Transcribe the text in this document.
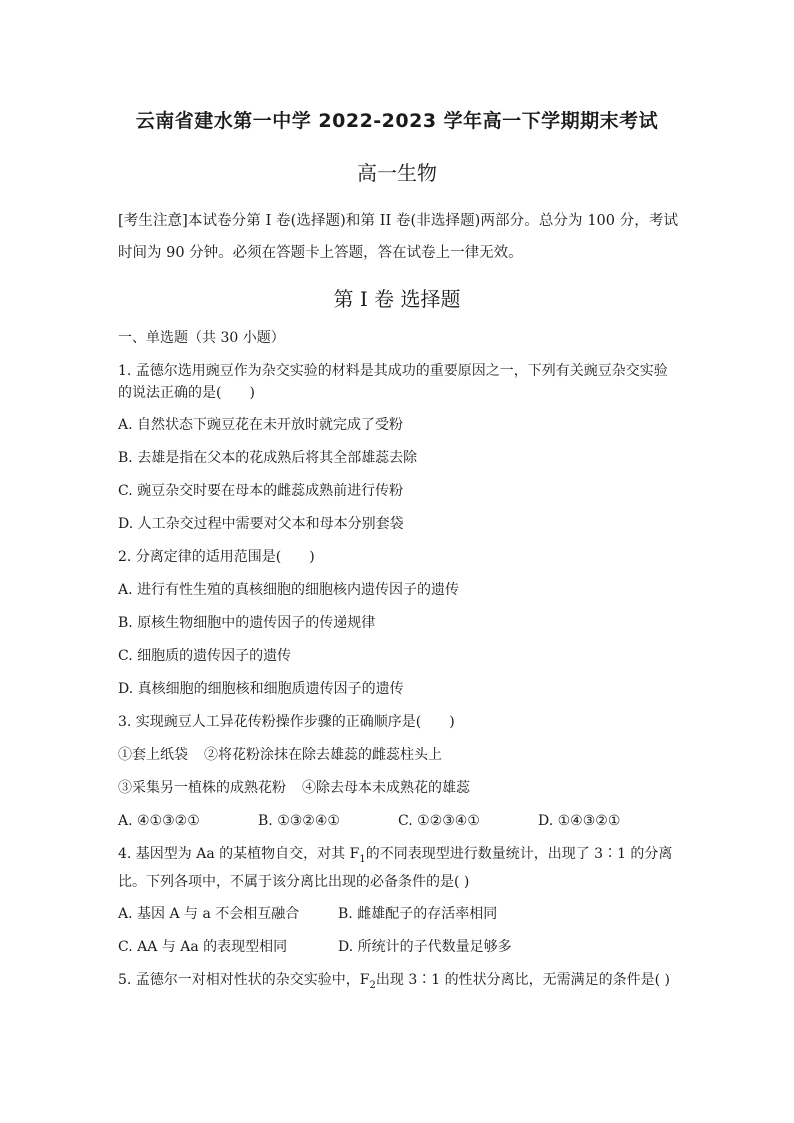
云南省建水第一中学 2022-2023 学年高一下学期期末考试
高一生物
[考生注意]本试卷分第 I 卷(选择题)和第 II 卷(非选择题)两部分。总分为 100 分，考试时间为 90 分钟。必须在答题卡上答题，答在试卷上一律无效。
第 I 卷 选择题
一、单选题（共 30 小题）
1. 孟德尔选用豌豆作为杂交实验的材料是其成功的重要原因之一，下列有关豌豆杂交实验的说法正确的是(　　)
A. 自然状态下豌豆花在未开放时就完成了受粉
B. 去雄是指在父本的花成熟后将其全部雄蕊去除
C. 豌豆杂交时要在母本的雌蕊成熟前进行传粉
D. 人工杂交过程中需要对父本和母本分别套袋
2. 分离定律的适用范围是(　　)
A. 进行有性生殖的真核细胞的细胞核内遗传因子的遗传
B. 原核生物细胞中的遗传因子的传递规律
C. 细胞质的遗传因子的遗传
D. 真核细胞的细胞核和细胞质遗传因子的遗传
3. 实现豌豆人工异花传粉操作步骤的正确顺序是(　　)
①套上纸袋 ②将花粉涂抹在除去雄蕊的雌蕊柱头上
③采集另一植株的成熟花粉 ④除去母本未成熟花的雄蕊
A. ④①③②①	B. ①③②④①	C. ①②③④①	D. ①④③②①
4. 基因型为 Aa 的某植物自交，对其 $F_1$的不同表现型进行数量统计，出现了 3∶1 的分离比。下列各项中，不属于该分离比出现的必备条件的是( )
A. 基因 A 与 a 不会相互融合	B. 雌雄配子的存活率相同
C. AA 与 Aa 的表现型相同	D. 所统计的子代数量足够多
5. 孟德尔一对相对性状的杂交实验中，$F_2$出现 3∶1 的性状分离比，无需满足的条件是( )
